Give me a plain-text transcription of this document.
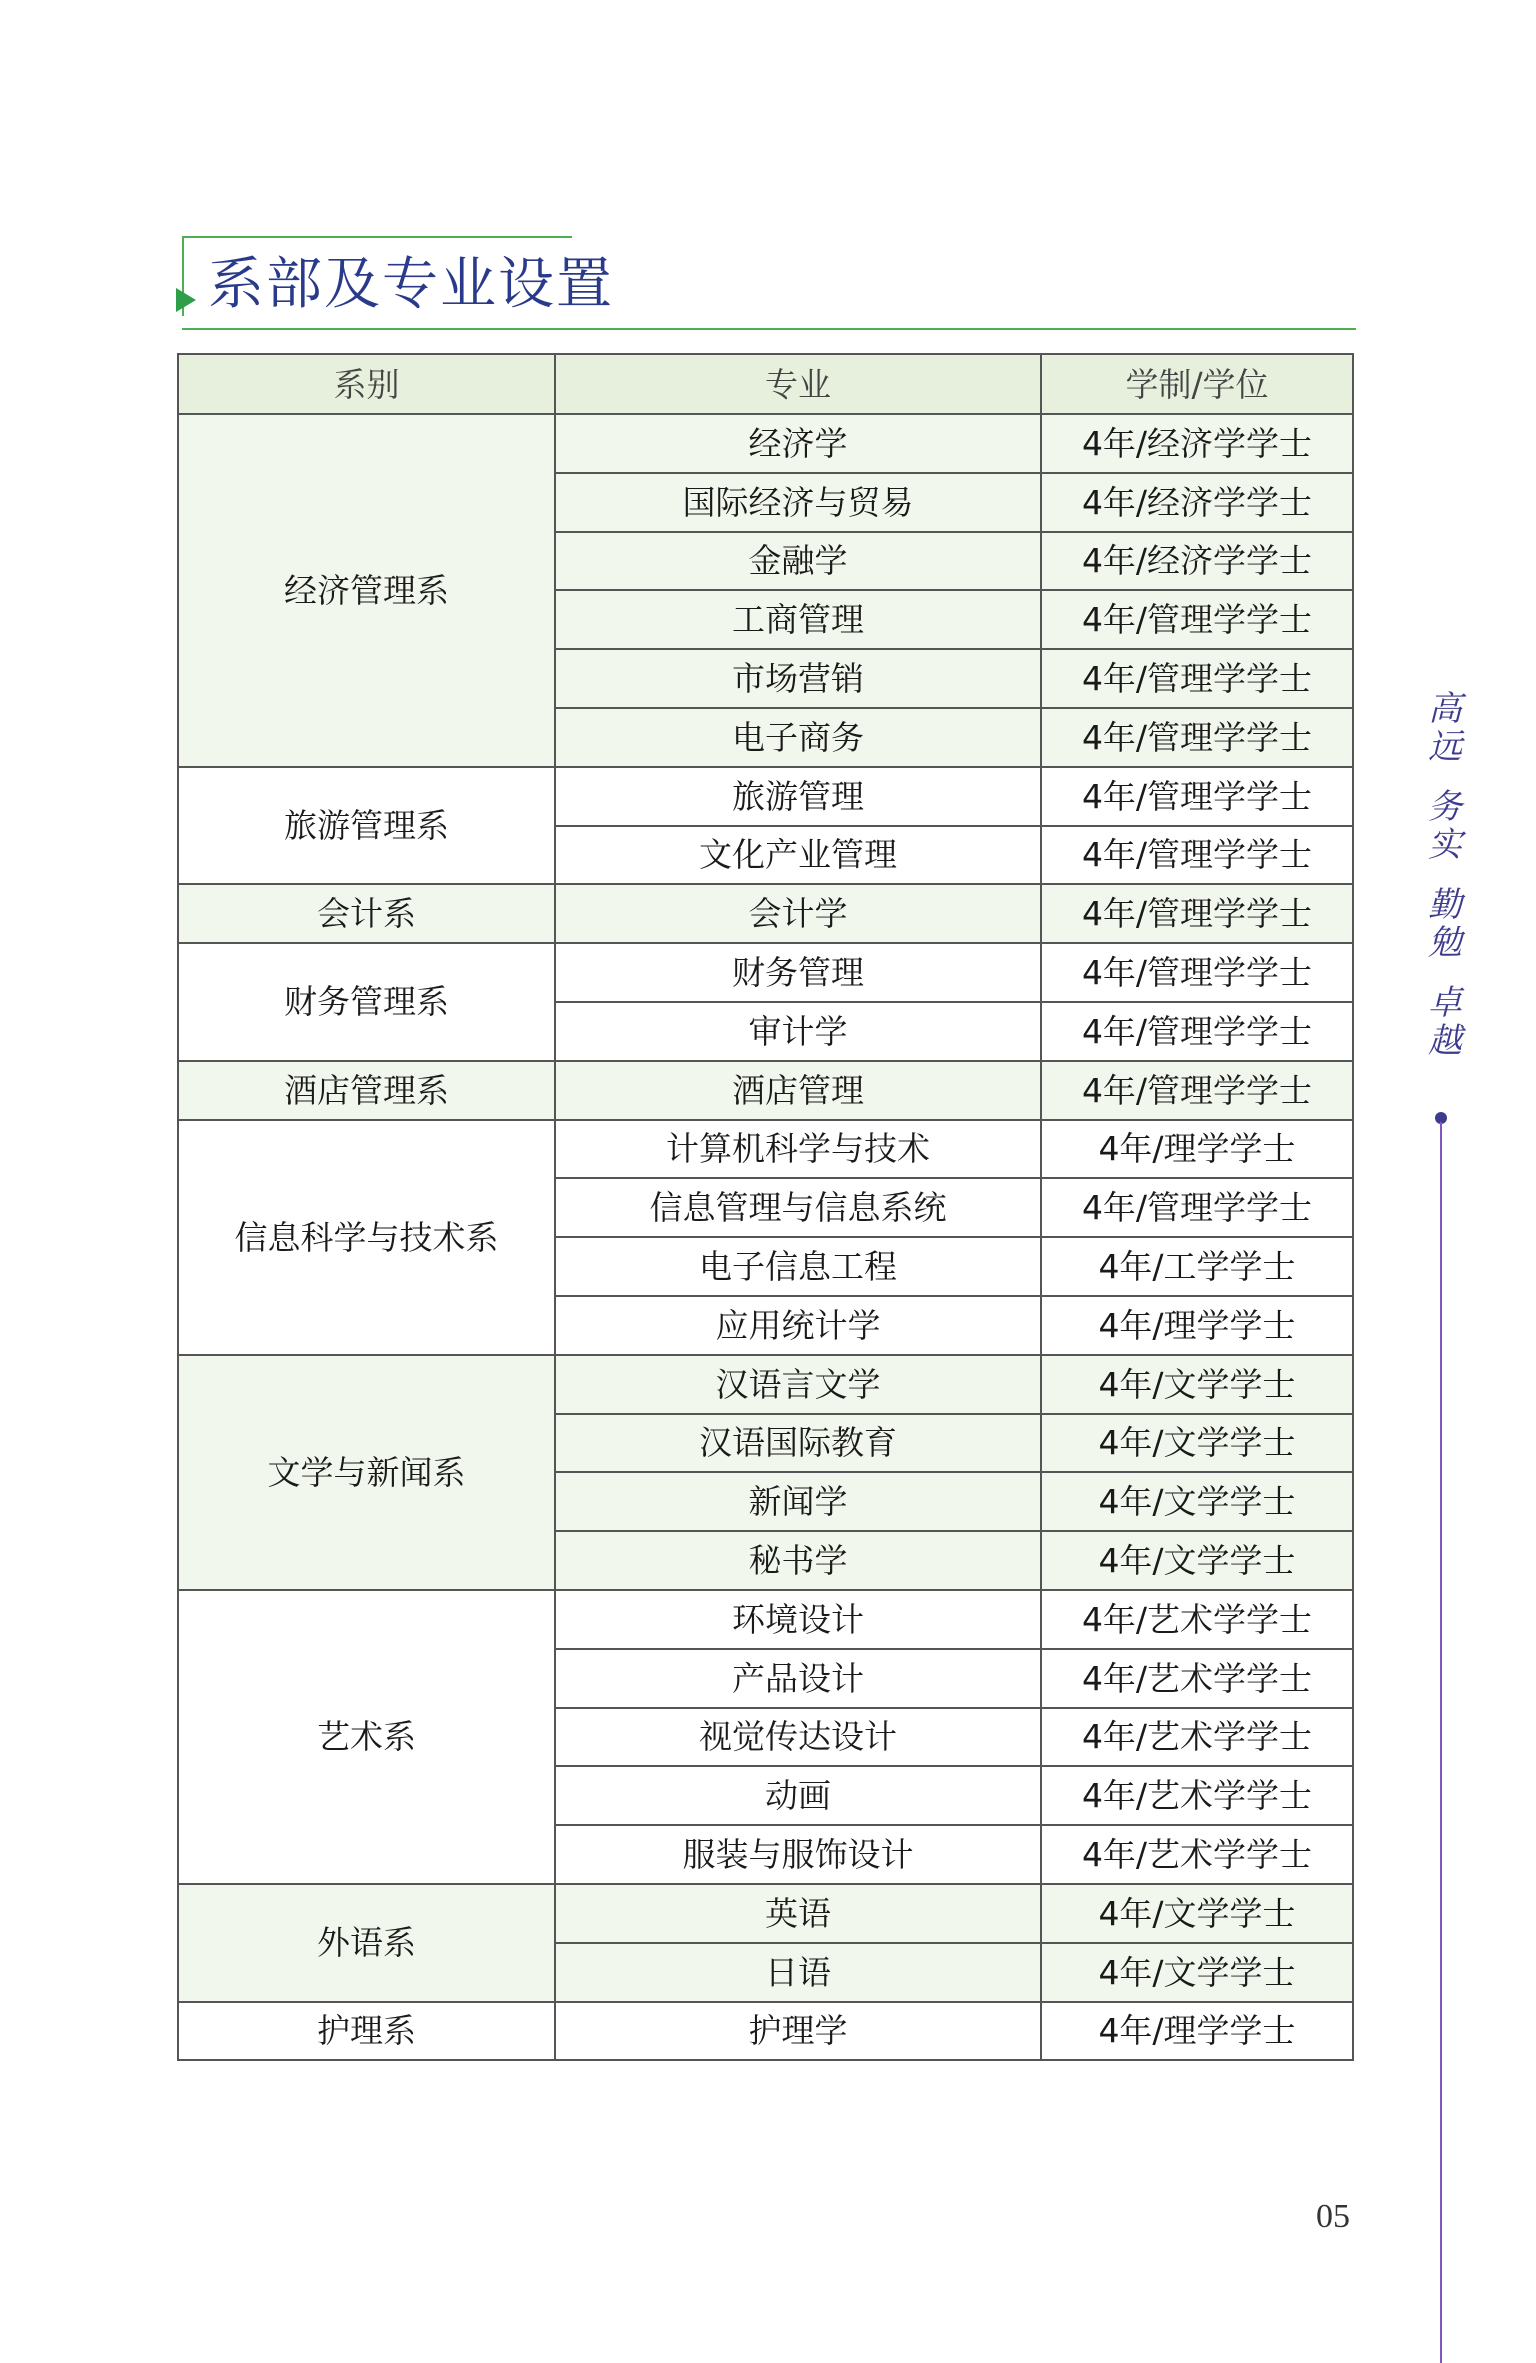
系部及专业设置
系别	专业	学制/学位
经济管理系	经济学	4年/经济学学士
	国际经济与贸易	4年/经济学学士
	金融学	4年/经济学学士
	工商管理	4年/管理学学士
	市场营销	4年/管理学学士
	电子商务	4年/管理学学士
旅游管理系	旅游管理	4年/管理学学士
	文化产业管理	4年/管理学学士
会计系	会计学	4年/管理学学士
财务管理系	财务管理	4年/管理学学士
	审计学	4年/管理学学士
酒店管理系	酒店管理	4年/管理学学士
信息科学与技术系	计算机科学与技术	4年/理学学士
	信息管理与信息系统	4年/管理学学士
	电子信息工程	4年/工学学士
	应用统计学	4年/理学学士
文学与新闻系	汉语言文学	4年/文学学士
	汉语国际教育	4年/文学学士
	新闻学	4年/文学学士
	秘书学	4年/文学学士
艺术系	环境设计	4年/艺术学学士
	产品设计	4年/艺术学学士
	视觉传达设计	4年/艺术学学士
	动画	4年/艺术学学士
	服装与服饰设计	4年/艺术学学士
外语系	英语	4年/文学学士
	日语	4年/文学学士
护理系	护理学	4年/理学学士
高远
务实
勤勉
卓越
05
